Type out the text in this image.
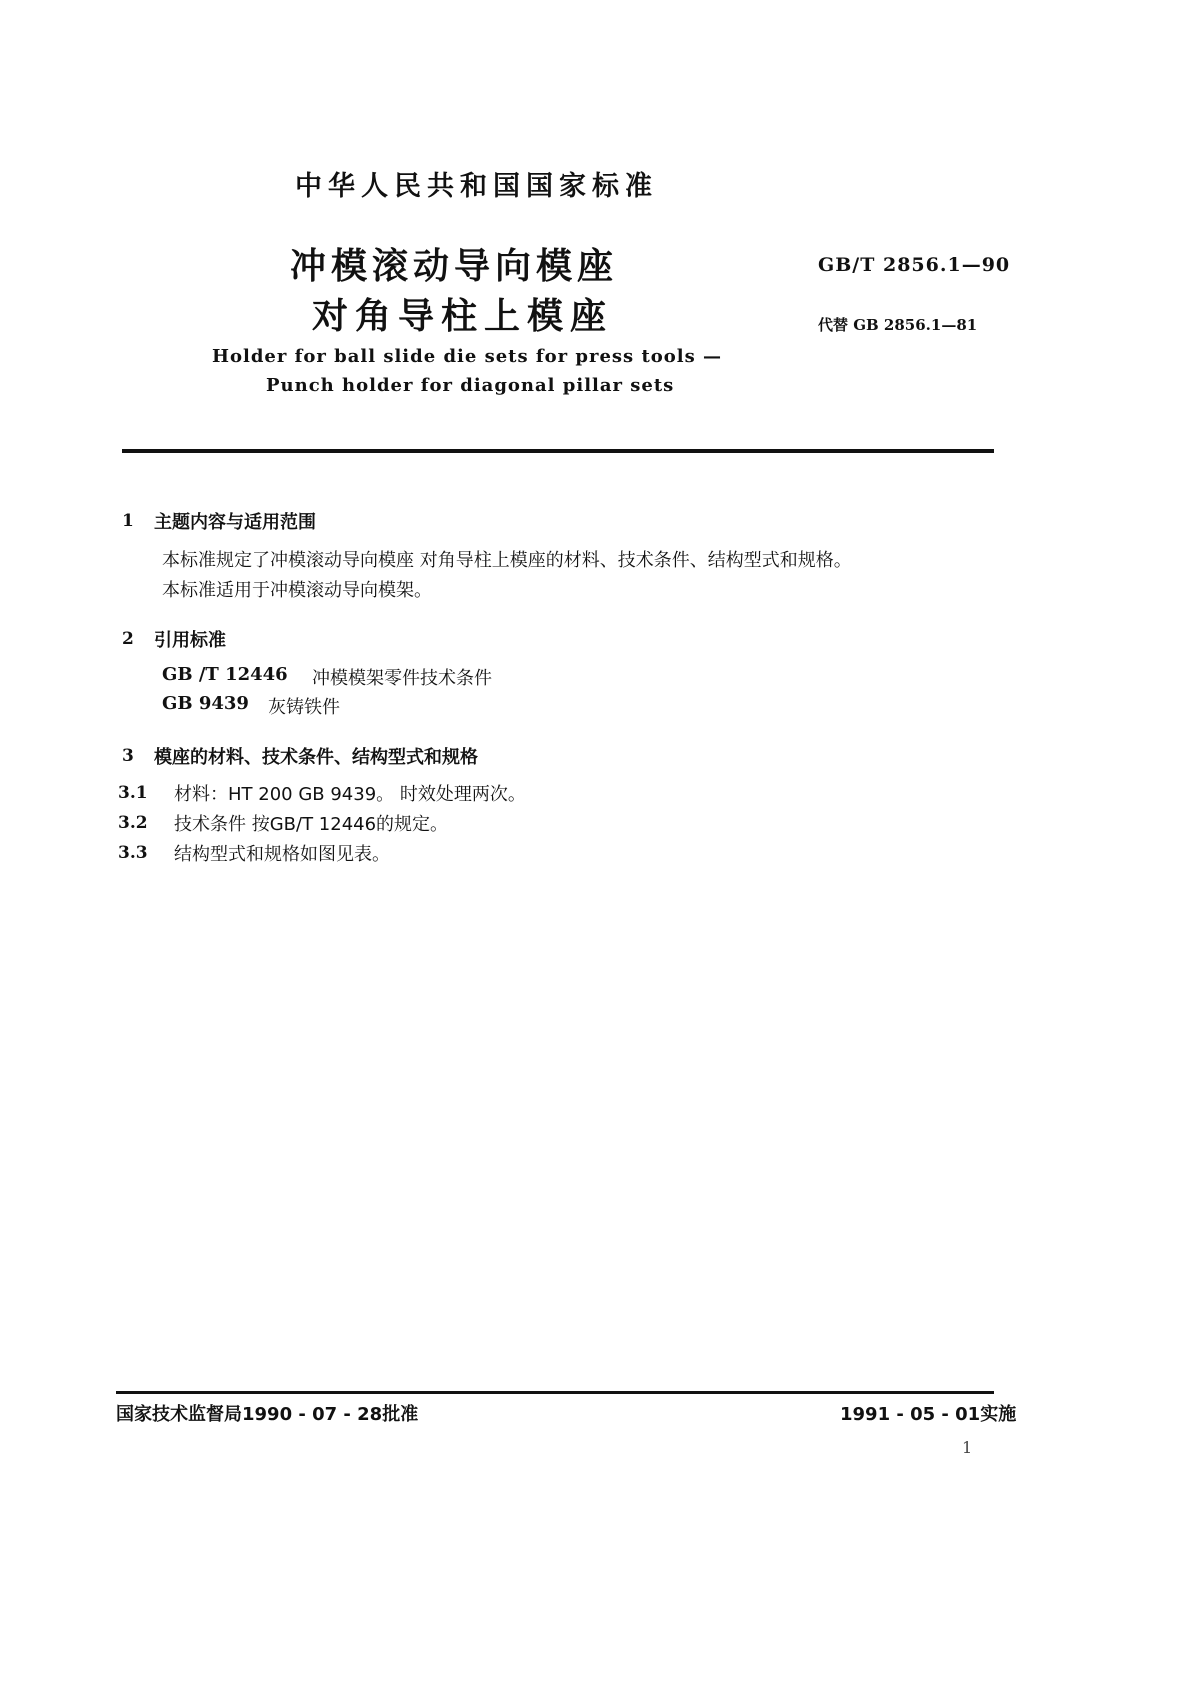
中华人民共和国国家标准
冲模滚动导向模座
对角导柱上模座
GB/T 2856.1—90
代替 GB 2856.1—81
Holder for ball slide die sets for press tools —
Punch holder for diagonal pillar sets
1 主题内容与适用范围
本标准规定了冲模滚动导向模座 对角导柱上模座的材料、技术条件、结构型式和规格。
本标准适用于冲模滚动导向模架。
2 引用标准
GB /T 12446 冲模模架零件技术条件
GB 9439 灰铸铁件
3 模座的材料、技术条件、结构型式和规格
3.1 材料：HT 200 GB 9439。 时效处理两次。
3.2 技术条件 按GB/T 12446的规定。
3.3 结构型式和规格如图见表。
国家技术监督局1990 - 07 - 28批准	1991 - 05 - 01实施
1
